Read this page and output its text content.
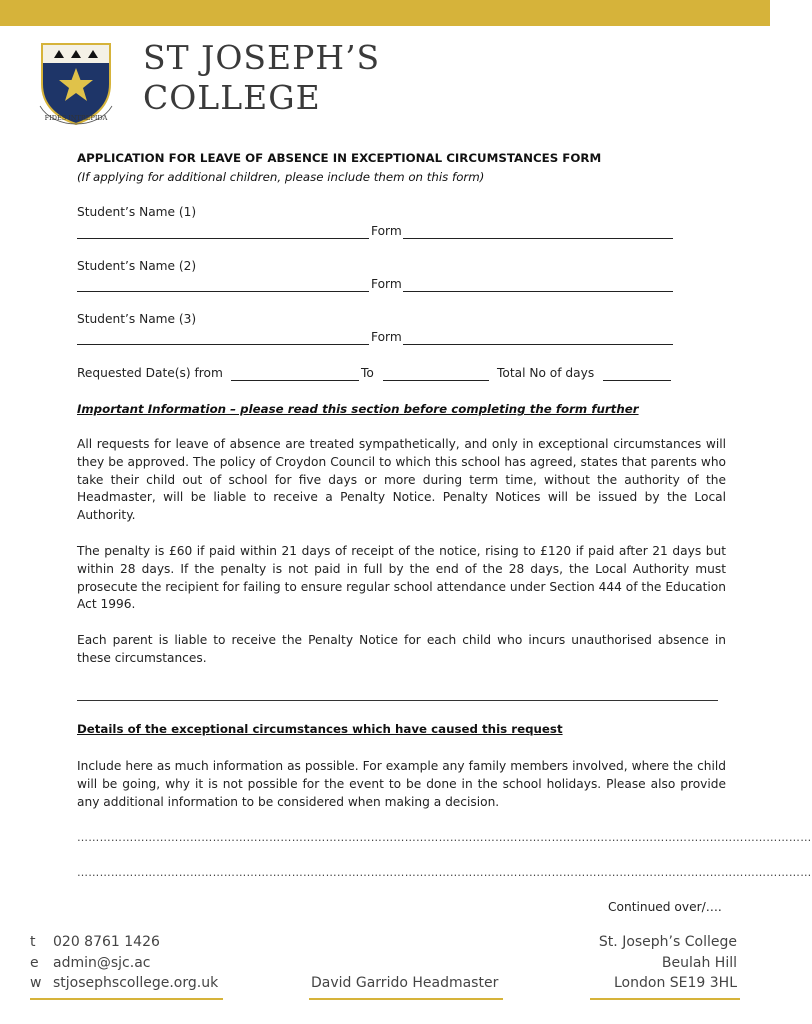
FIDES INTREPIDA
ST JOSEPH’S
COLLEGE
APPLICATION FOR LEAVE OF ABSENCE IN EXCEPTIONAL CIRCUMSTANCES FORM
(If applying for additional children, please include them on this form)
Student’s Name (1)
Form
Student’s Name (2)
Form
Student’s Name (3)
Form
Requested Date(s) from	To	Total No of days
Important Information – please read this section before completing the form further
All requests for leave of absence are treated sympathetically, and only in exceptional circumstances will they be approved. The policy of Croydon Council to which this school has agreed, states that parents who take their child out of school for five days or more during term time, without the authority of the Headmaster, will be liable to receive a Penalty Notice. Penalty Notices will be issued by the Local Authority.
The penalty is £60 if paid within 21 days of receipt of the notice, rising to £120 if paid after 21 days but within 28 days. If the penalty is not paid in full by the end of the 28 days, the Local Authority must prosecute the recipient for failing to ensure regular school attendance under Section 444 of the Education Act 1996.
Each parent is liable to receive the Penalty Notice for each child who incurs unauthorised absence in these circumstances.
Details of the exceptional circumstances which have caused this request
Include here as much information as possible. For example any family members involved, where the child will be going, why it is not possible for the event to be done in the school holidays. Please also provide any additional information to be considered when making a decision.
……………………………………………………………………………………………………………………………………………………………………………
……………………………………………………………………………………………………………………………………………………………………………
Continued over/….
t 020 8761 1426
e admin@sjc.ac
w stjosephscollege.org.uk	David Garrido Headmaster
St. Joseph’s College
Beulah Hill
London SE19 3HL
